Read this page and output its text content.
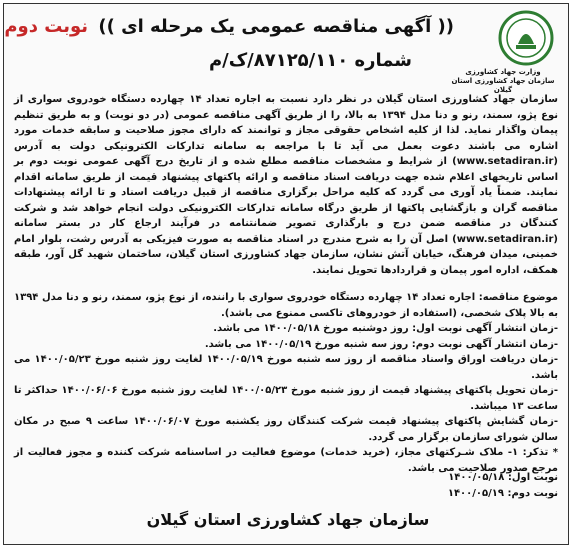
(( آگهی مناقصه عمومی یک مرحله ای )) نوبت دوم
شماره ۸۷۱۲۵/۱۱۰/ک/م
وزارت جهاد کشاورزی
سازمان جهاد کشاورزی استان گیلان

سازمان جهاد کشاورزی استان گیلان در نظر دارد نسبت به اجاره تعداد ۱۴ چهارده دستگاه خودروی سواری از نوع پژو، سمند، رنو و دنا مدل ۱۳۹۴ به بالا، را از طریق آگهی مناقصه عمومی (در دو نوبت) و به طریق تنظیم پیمان واگذار نماید. لذا از کلیه اشخاص حقوقی مجاز و توانمند که دارای مجوز صلاحیت و سابقه خدمات مورد اشاره می باشند دعوت بعمل می آید تا با مراجعه به سامانه تدارکات الکترونیکی دولت به آدرس (www.setadiran.ir) از شرایط و مشخصات مناقصه مطلع شده و از تاریخ درج آگهی عمومی نوبت دوم بر اساس تاریخهای اعلام شده جهت دریافت اسناد مناقصه و ارائه پاکتهای پیشنهاد قیمت از طریق سامانه اقدام نمایند. ضمناً یاد آوری می گردد که کلیه مراحل برگزاری مناقصه از قبیل دریافت اسناد و تا ارائه پیشنهادات مناقصه گران و بازگشایی پاکتها از طریق درگاه سامانه تدارکات الکترونیکی دولت انجام خواهد شد و شرکت کنندگان در مناقصه ضمن درج و بارگذاری تصویر ضمانتنامه در فرآیند ارجاع کار در بستر سامانه (www.setadiran.ir) اصل آن را به شرح مندرج در اسناد مناقصه به صورت فیزیکی به آدرس رشت، بلوار امام خمینی، میدان فرهنگ، خیابان آتش نشان، سازمان جهاد کشاورزی استان گیلان، ساختمان شهید گل آور، طبقه همکف، اداره امور پیمان و قراردادها تحویل نمایند.

موضوع مناقصه: اجاره تعداد ۱۴ چهارده دستگاه خودروی سواری با راننده، از نوع پژو، سمند، رنو و دنا مدل ۱۳۹۴ به بالا پلاک شخصی، (استفاده از خودروهای تاکسی ممنوع می باشد).

-زمان انتشار آگهی نوبت اول: روز دوشنبه مورخ ۱۴۰۰/۰۵/۱۸ می باشد.

-زمان انتشار آگهی نوبت دوم: روز سه شنبه مورخ ۱۴۰۰/۰۵/۱۹ می باشد.

-زمان دریافت اوراق واسناد مناقصه از روز سه شنبه مورخ ۱۴۰۰/۰۵/۱۹ لغایت روز شنبه مورخ ۱۴۰۰/۰۵/۲۳ می باشد.

-زمان تحویل پاکتهای پیشنهاد قیمت از روز شنبه مورخ ۱۴۰۰/۰۵/۲۳ لغایت روز شنبه مورخ ۱۴۰۰/۰۶/۰۶ حداکثر تا ساعت ۱۳ میباشد.

-زمان گشایش پاکتهای پیشنهاد قیمت شرکت کنندگان روز یکشنبه مورخ ۱۴۰۰/۰۶/۰۷ ساعت ۹ صبح در مکان سالن شورای سازمان برگزار می گردد.

* تذکر: ۱- ملاک شـرکتهای مجاز، (خرید خدمات) موضوع فعالیت در اساسنامه شرکت کننده و مجوز فعالیت از مرجع صدور صلاحیت می باشد.

نوبت اول: ۱۴۰۰/۰۵/۱۸
نوبت دوم: ۱۴۰۰/۰۵/۱۹
سازمان جهاد کشاورزی استان گیلان
